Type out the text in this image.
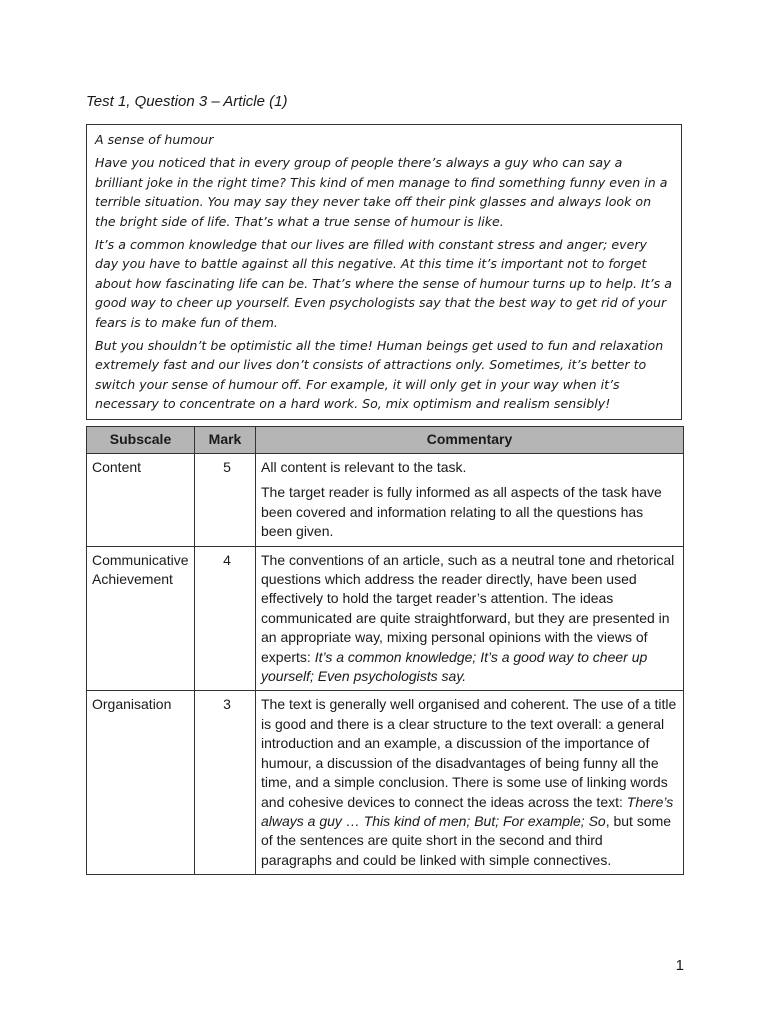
Test 1, Question 3 – Article (1)

A sense of humour

Have you noticed that in every group of people there’s always a guy who can say a brilliant joke in the right time? This kind of men manage to find something funny even in a terrible situation. You may say they never take off their pink glasses and always look on the bright side of life. That’s what a true sense of humour is like.

It’s a common knowledge that our lives are filled with constant stress and anger; every day you have to battle against all this negative. At this time it’s important not to forget about how fascinating life can be. That’s where the sense of humour turns up to help. It’s a good way to cheer up yourself. Even psychologists say that the best way to get rid of your fears is to make fun of them.

But you shouldn’t be optimistic all the time! Human beings get used to fun and relaxation extremely fast and our lives don’t consists of attractions only. Sometimes, it’s better to switch your sense of humour off. For example, it will only get in your way when it’s necessary to concentrate on a hard work. So, mix optimism and realism sensibly!

Subscale	Mark	Commentary
Content	5	All content is relevant to the task.

The target reader is fully informed as all aspects of the task have been covered and information relating to all the questions has been given.

Communicative
Achievement	4	The conventions of an article, such as a neutral tone and rhetorical questions which address the reader directly, have been used effectively to hold the target reader’s attention. The ideas communicated are quite straightforward, but they are presented in an appropriate way, mixing personal opinions with the views of experts: It’s a common knowledge; It’s a good way to cheer up yourself; Even psychologists say.

Organisation	3	The text is generally well organised and coherent. The use of a title is good and there is a clear structure to the text overall: a general introduction and an example, a discussion of the importance of humour, a discussion of the disadvantages of being funny all the time, and a simple conclusion. There is some use of linking words and cohesive devices to connect the ideas across the text: There’s always a guy … This kind of men; But; For example; So, but some of the sentences are quite short in the second and third paragraphs and could be linked with simple connectives.

1
